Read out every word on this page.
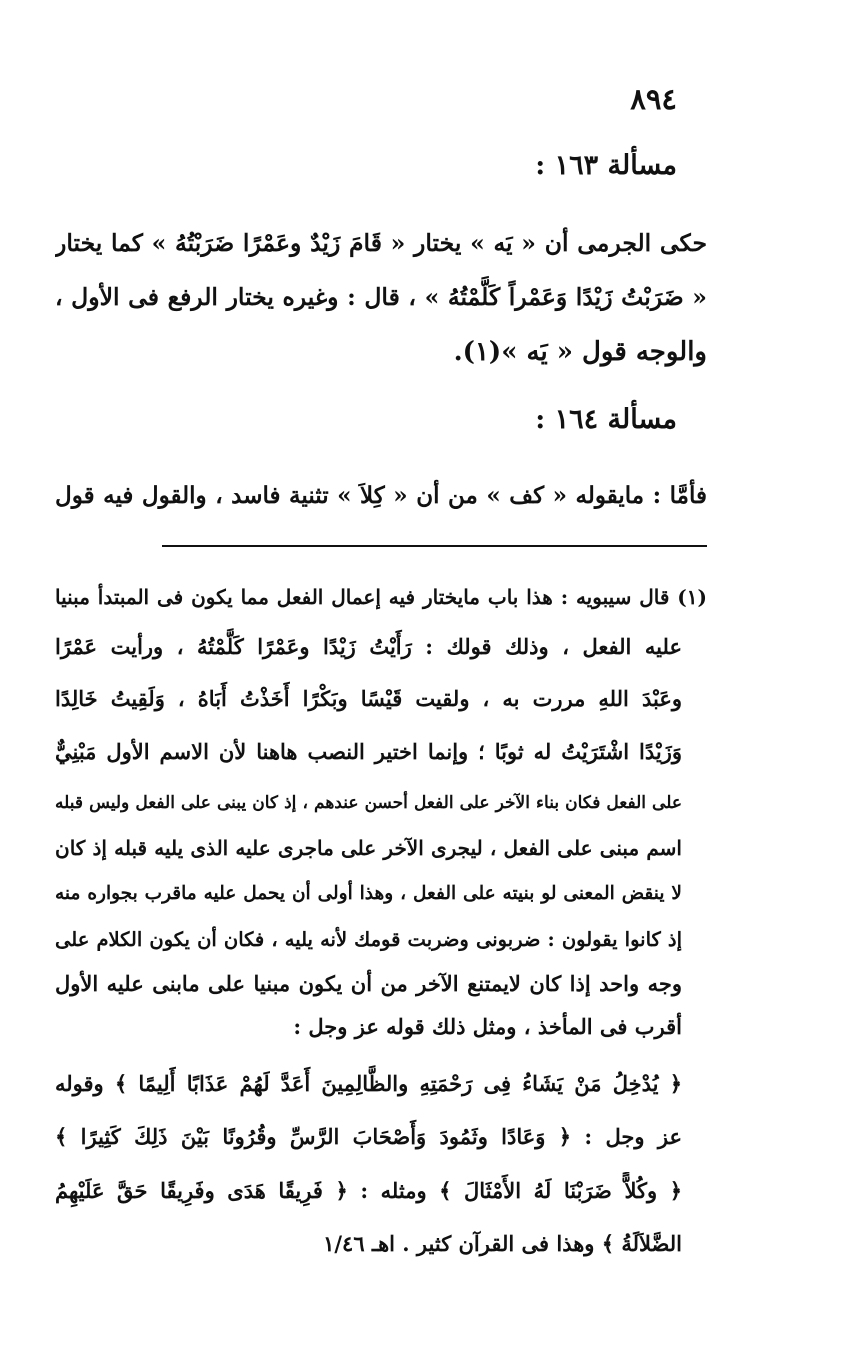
٨٩٤
مسألة ١٦٣ :
حكى الجرمى أن « يَه » يختار « قَامَ زَيْدٌ وعَمْرًا ضَرَبْتُهُ » كما يختار
« ضَرَبْتُ زَيْدًا وَعَمْراً كَلَّمْتُهُ » ، قال : وغيره يختار الرفع فى الأول ،
والوجه قول « يَه »(١).
مسألة ١٦٤ :
فأمَّا : مايقوله « كف » من أن « كِلاَ » تثنية فاسد ، والقول فيه قول
(١) قال سيبويه : هذا باب مايختار فيه إعمال الفعل مما يكون فى المبتدأ مبنيا
عليه الفعل ، وذلك قولك : رَأَيْتُ زَيْدًا وعَمْرًا كَلَّمْتُهُ ، ورأيت عَمْرًا
وعَبْدَ اللهِ مررت به ، ولقيت قَيْسًا وبَكْرًا أَخَذْتُ أَبَاهُ ، وَلَقِيتُ خَالِدًا
وَزَيْدًا اشْتَرَيْتُ له ثوبًا ؛ وإنما اختير النصب هاهنا لأن الاسم الأول مَبْنِيٌّ
على الفعل فكان بناء الآخر على الفعل أحسن عندهم ، إذ كان يبنى على الفعل وليس قبله
اسم مبنى على الفعل ، ليجرى الآخر على ماجرى عليه الذى يليه قبله إذ كان
لا ينقض المعنى لو بنيته على الفعل ، وهذا أولى أن يحمل عليه ماقرب بجواره منه
إذ كانوا يقولون : ضربونى وضربت قومك لأنه يليه ، فكان أن يكون الكلام على
وجه واحد إذا كان لايمتنع الآخر من أن يكون مبنيا على مابنى عليه الأول
أقرب فى المأخذ ، ومثل ذلك قوله عز وجل :
﴿ يُدْخِلُ مَنْ يَشَاءُ فِى رَحْمَتِهِ والظَّالِمِينَ أَعَدَّ لَهُمْ عَذَابًا أَلِيمًا ﴾ وقوله
عز وجل : ﴿ وَعَادًا وثَمُودَ وَأَصْحَابَ الرَّسِّ وقُرُونًا بَيْنَ ذَلِكَ كَثِيرًا ﴾
﴿ وكُلاًّ ضَرَبْنَا لَهُ الأَمْثَالَ ﴾ ومثله : ﴿ فَرِيقًا هَدَى وفَرِيقًا حَقَّ عَلَيْهِمُ
الضَّلاَلَةُ ﴾ وهذا فى القرآن كثير . اهـ ١/٤٦
